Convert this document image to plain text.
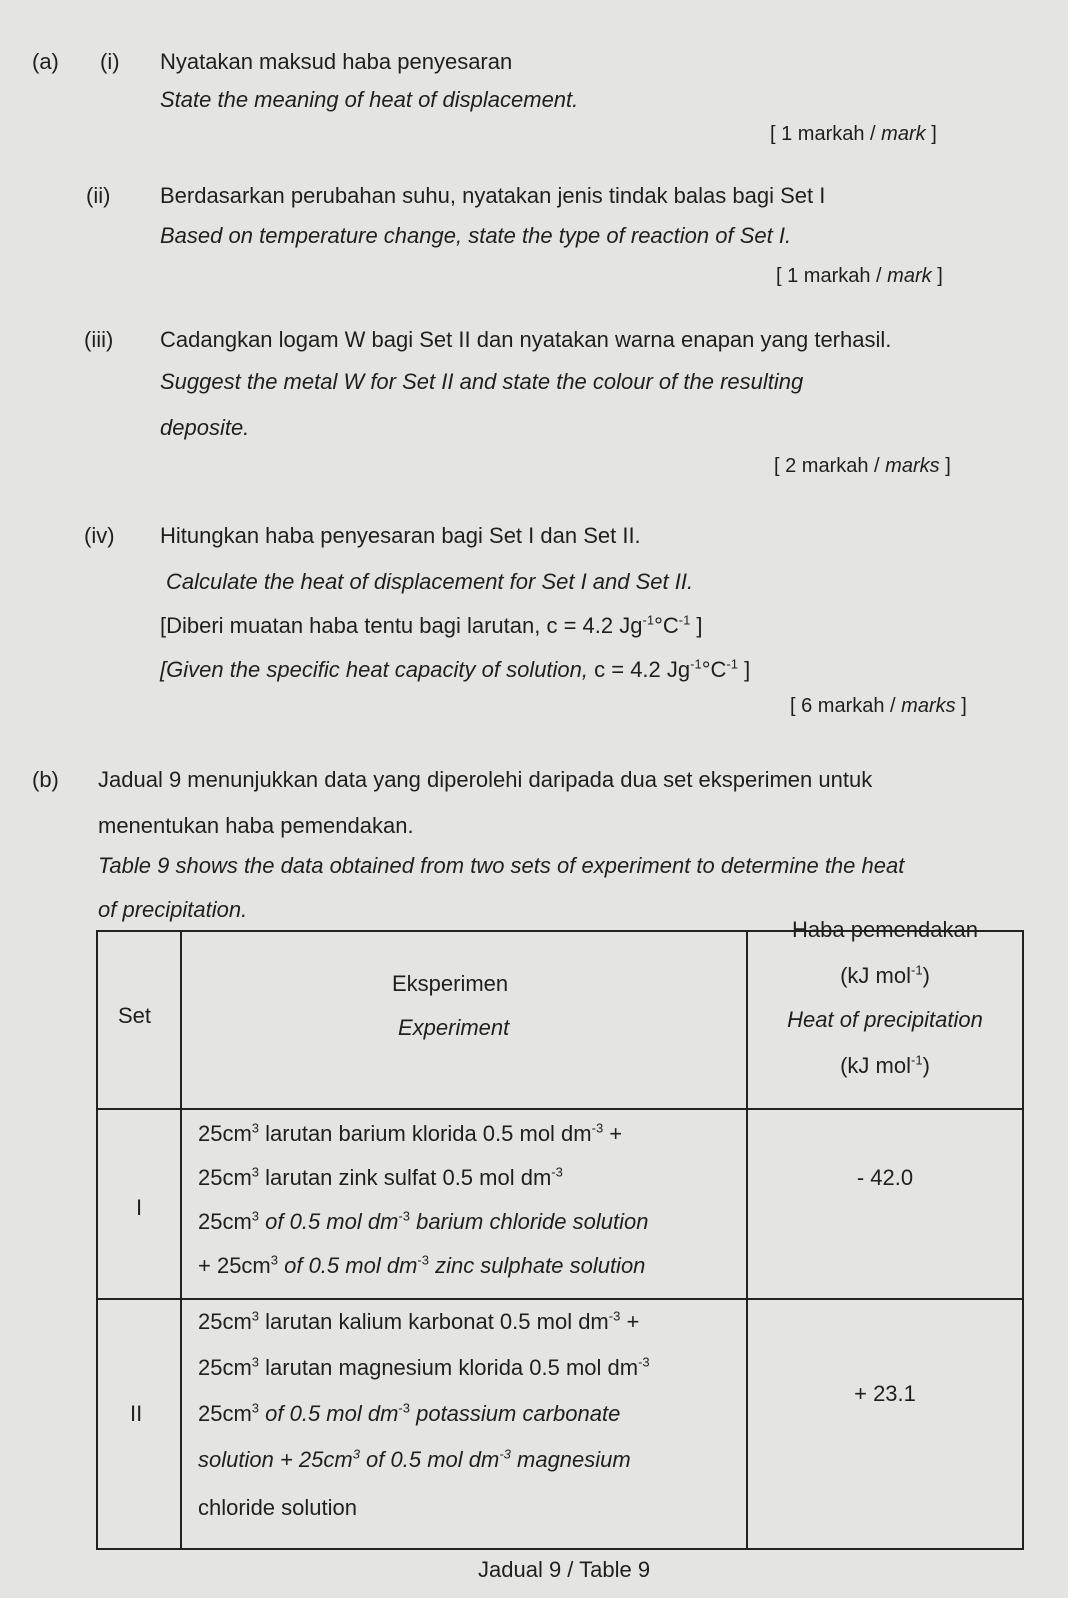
(a) (i) Nyatakan maksud haba penyesaran
State the meaning of heat of displacement.
[ 1 markah / mark ]
(ii) Berdasarkan perubahan suhu, nyatakan jenis tindak balas bagi Set I
Based on temperature change, state the type of reaction of Set I.
[ 1 markah / mark ]
(iii) Cadangkan logam W bagi Set II dan nyatakan warna enapan yang terhasil.
Suggest the metal W for Set II and state the colour of the resulting
deposite.
[ 2 markah / marks ]
(iv) Hitungkan haba penyesaran bagi Set I dan Set II.
Calculate the heat of displacement for Set I and Set II.
[Diberi muatan haba tentu bagi larutan, c = 4.2 $Jg^{-1}^\circ C^{-1}$ ]
[Given the specific heat capacity of solution, c = 4.2 $Jg^{-1}^\circ C^{-1}$ ]
[ 6 markah / marks ]
(b) Jadual 9 menunjukkan data yang diperolehi daripada dua set eksperimen untuk
menentukan haba pemendakan.
Table 9 shows the data obtained from two sets of experiment to determine the heat
of precipitation.
Set
Eksperimen
Experiment
Haba pemendakan
(kJ mol$^{-1}$)
Heat of precipitation
(kJ mol$^{-1}$)
I
$25cm^3$ larutan barium klorida 0.5 mol $dm^{-3}$ +
$25cm^3$ larutan zink sulfat 0.5 mol $dm^{-3}$
$25cm^3$ of 0.5 mol $dm^{-3}$ barium chloride solution
+ $25cm^3$ of 0.5 mol $dm^{-3}$ zinc sulphate solution
- 42.0
II
$25cm^3$ larutan kalium karbonat 0.5 mol $dm^{-3}$ +
$25cm^3$ larutan magnesium klorida 0.5 mol $dm^{-3}$
$25cm^3$ of 0.5 mol $dm^{-3}$ potassium carbonate
solution + $25cm^3$ of 0.5 mol $dm^{-3}$ magnesium
chloride solution
+ 23.1
Jadual 9 / Table 9
